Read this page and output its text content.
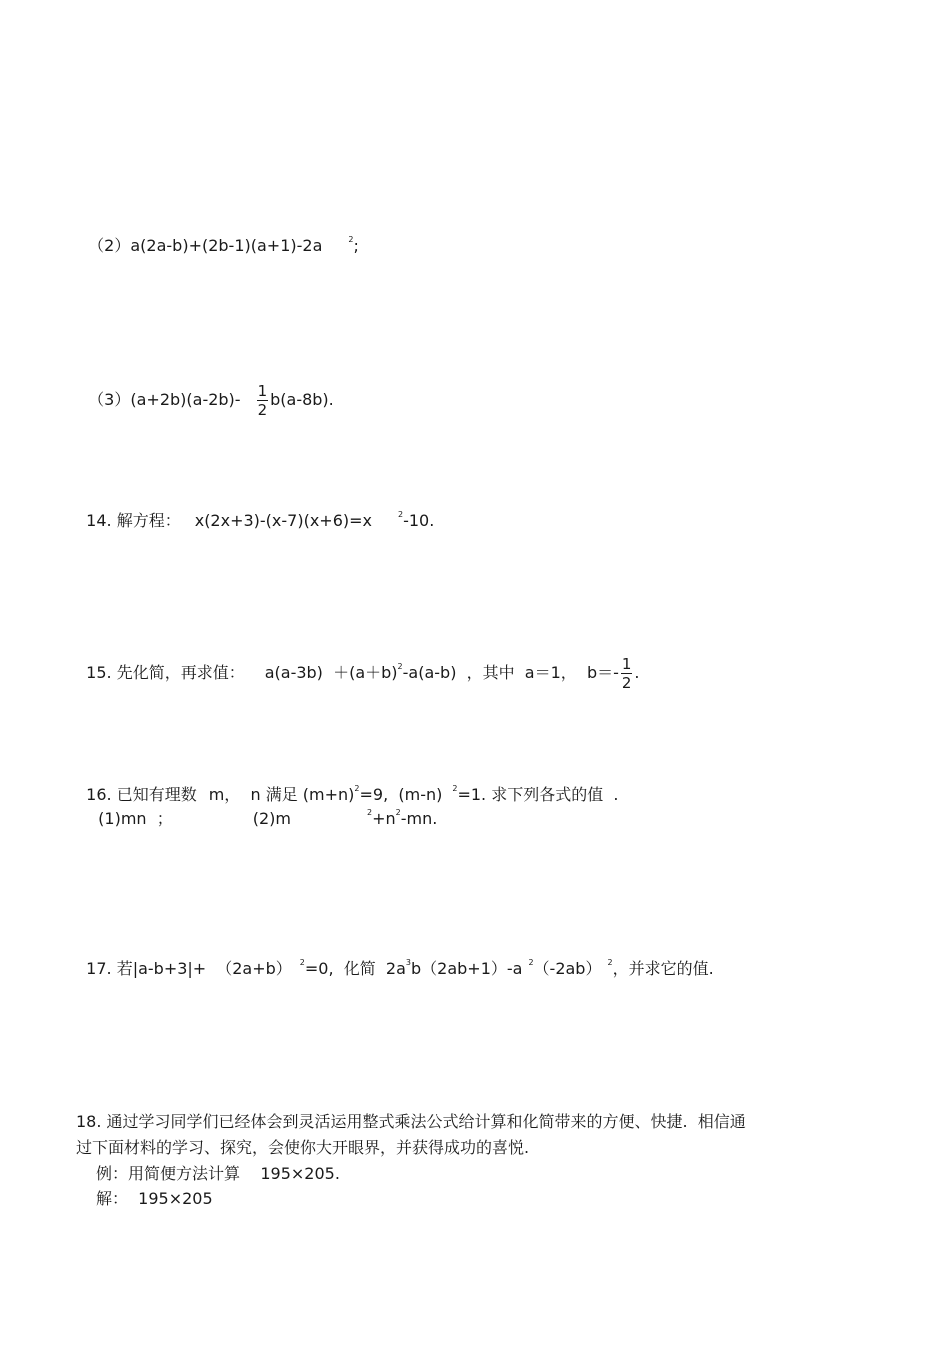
（2）a(2a-b)+(2b-1)(a+1)-2a	$^2$;

$(3)(a+2b)(a-2b)- \frac{1}{2} b(a-8b)$.

14. 解方程： x(2x+3)-(x-7)(x+6)=x	$^2$-10.

15. 先化简，再求值： $a(a-3b) +(a+b)^2-a(a-b)$  ，其中  a＝1，  $b=- \frac{1}{2}$ .

16. 已知有理数 m，  n 满足 $(m+n)^2=9$,  (m-n) $^2$=1. 求下列各式的值  .

(1)mn  ；	(2)m	$^2+n^2-mn$.

17. 若|a-b+3|+ （2a+b） $^2$=0,  化简  $2a^3b(2ab+1)-a$ $^2$（-2ab） $^2$，并求它的值.

18. 通过学习同学们已经体会到灵活运用整式乘法公式给计算和化简带来的方便、快捷.  相信通
过下面材料的学习、探究，会使你大开眼界，并获得成功的喜悦.
例：用简便方法计算    195×205.
解：  195×205
